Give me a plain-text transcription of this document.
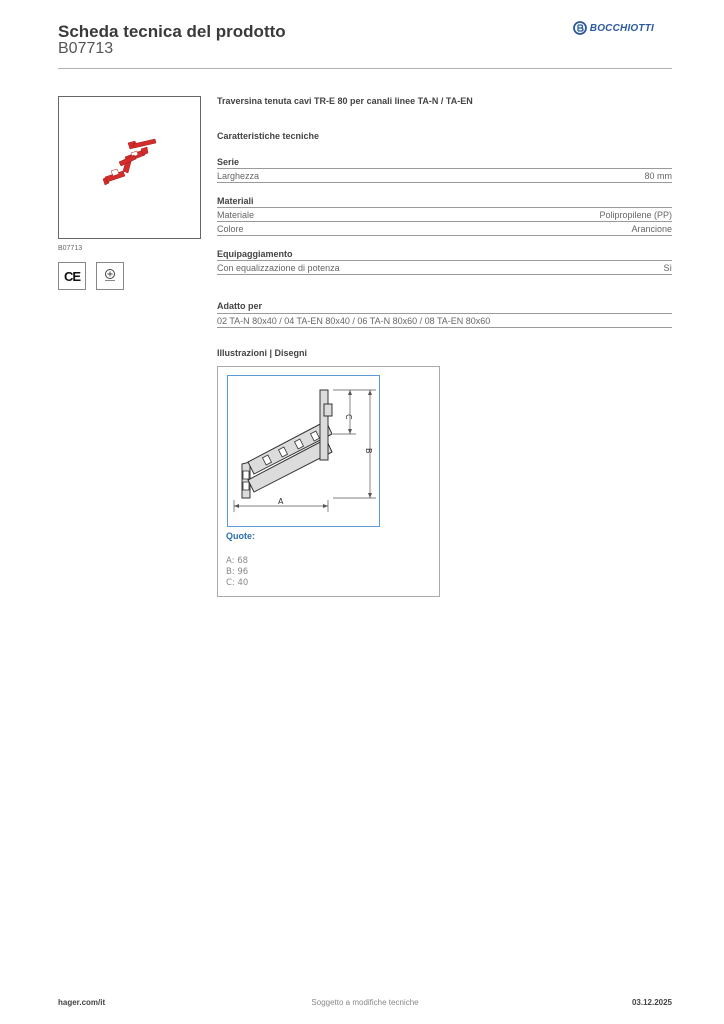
Scheda tecnica del prodotto
B07713
BOCCHIOTTI
B07713
CE
Traversina tenuta cavi TR-E 80 per canali linee TA-N / TA-EN
Caratteristiche tecniche
Serie
Larghezza	80 mm
Materiali
Materiale	Polipropilene (PP)
Colore	Arancione
Equipaggiamento
Con equalizzazione di potenza	Sì
Adatto per
02 TA-N 80x40 / 04 TA-EN 80x40 / 06 TA-N 80x60 / 08 TA-EN 80x60
Illustrazioni | Disegni
B
C
A
Quote:
A: 68
B: 96
C: 40
hager.com/it	Soggetto a modifiche tecniche	03.12.2025
